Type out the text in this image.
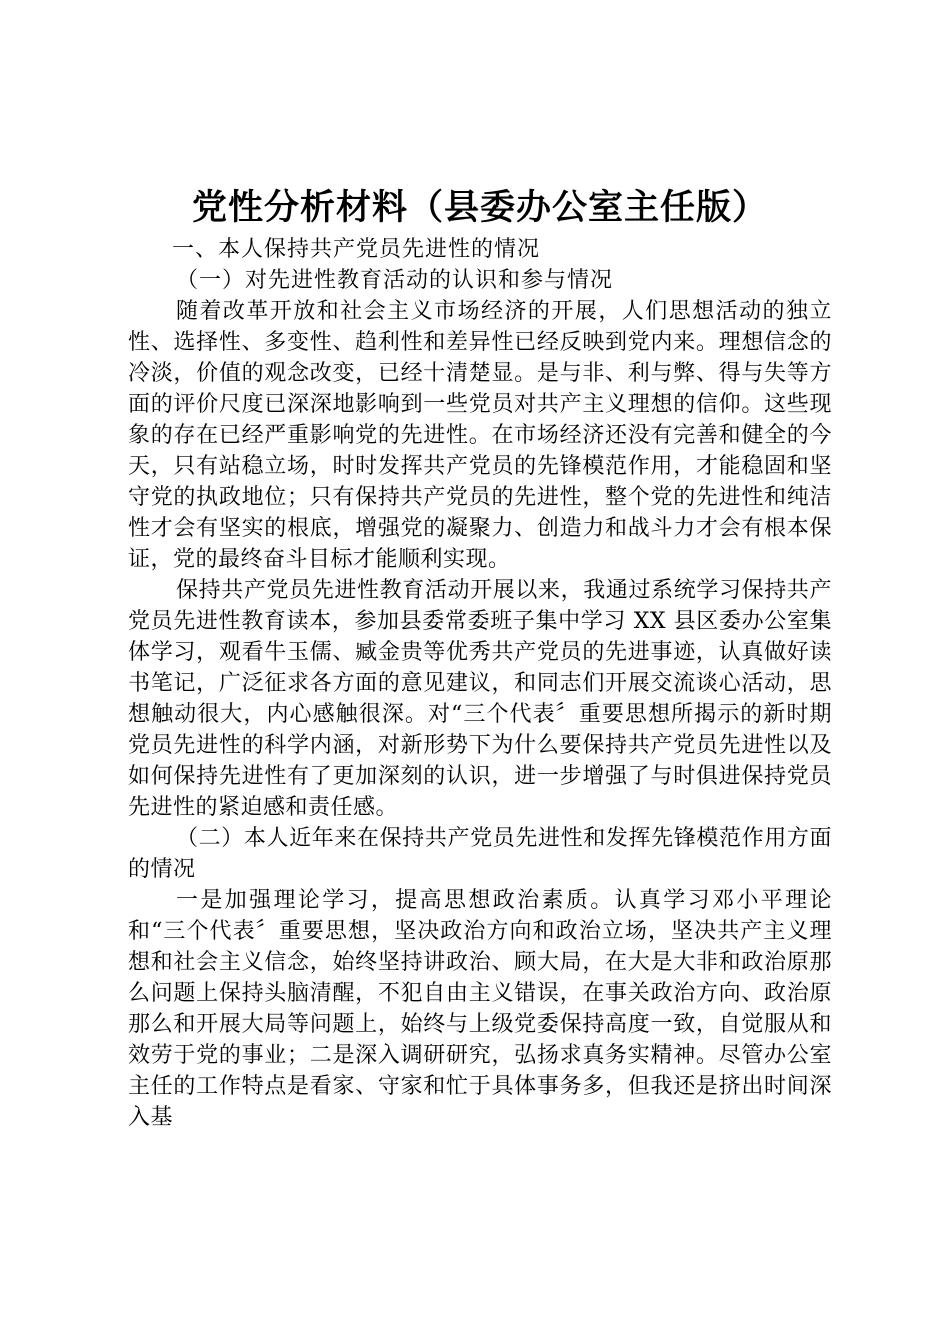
党性分析材料（县委办公室主任版）

一、本人保持共产党员先进性的情况

（一）对先进性教育活动的认识和参与情况

随着改革开放和社会主义市场经济的开展，人们思想活动的独立性、选择性、多变性、趋利性和差异性已经反映到党内来。理想信念的冷淡，价值的观念改变，已经十清楚显。是与非、利与弊、得与失等方面的评价尺度已深深地影响到一些党员对共产主义理想的信仰。这些现象的存在已经严重影响党的先进性。在市场经济还没有完善和健全的今天，只有站稳立场，时时发挥共产党员的先锋模范作用，才能稳固和坚守党的执政地位；只有保持共产党员的先进性，整个党的先进性和纯洁性才会有坚实的根底，增强党的凝聚力、创造力和战斗力才会有根本保证，党的最终奋斗目标才能顺利实现。

保持共产党员先进性教育活动开展以来，我通过系统学习保持共产党员先进性教育读本，参加县委常委班子集中学习 XX 县区委办公室集体学习，观看牛玉儒、臧金贵等优秀共产党员的先进事迹，认真做好读书笔记，广泛征求各方面的意见建议，和同志们开展交流谈心活动，思想触动很大，内心感触很深。对“三个代表〞重要思想所揭示的新时期党员先进性的科学内涵，对新形势下为什么要保持共产党员先进性以及如何保持先进性有了更加深刻的认识，进一步增强了与时俱进保持党员先进性的紧迫感和责任感。

（二）本人近年来在保持共产党员先进性和发挥先锋模范作用方面的情况

一是加强理论学习，提高思想政治素质。认真学习邓小平理论和“三个代表〞重要思想，坚决政治方向和政治立场，坚决共产主义理想和社会主义信念，始终坚持讲政治、顾大局，在大是大非和政治原那么问题上保持头脑清醒，不犯自由主义错误，在事关政治方向、政治原那么和开展大局等问题上，始终与上级党委保持高度一致，自觉服从和效劳于党的事业；二是深入调研研究，弘扬求真务实精神。尽管办公室主任的工作特点是看家、守家和忙于具体事务多，但我还是挤出时间深入基
